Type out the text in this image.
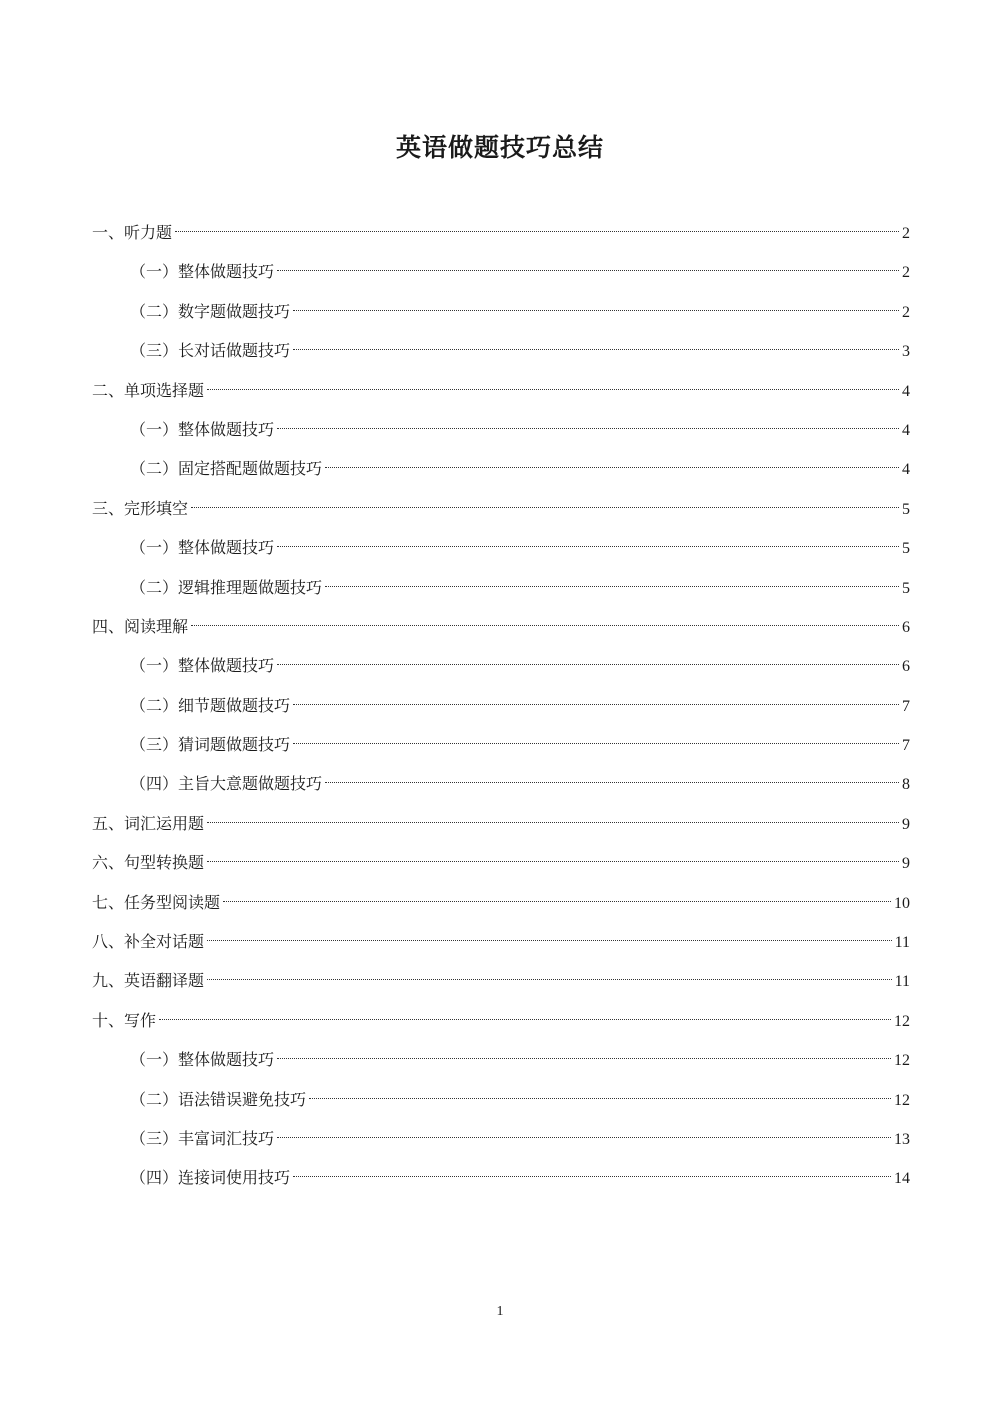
英语做题技巧总结
一、听力题	2
（一）整体做题技巧	2
（二）数字题做题技巧	2
（三）长对话做题技巧	3
二、单项选择题	4
（一）整体做题技巧	4
（二）固定搭配题做题技巧	4
三、完形填空	5
（一）整体做题技巧	5
（二）逻辑推理题做题技巧	5
四、阅读理解	6
（一）整体做题技巧	6
（二）细节题做题技巧	7
（三）猜词题做题技巧	7
（四）主旨大意题做题技巧	8
五、词汇运用题	9
六、句型转换题	9
七、任务型阅读题	10
八、补全对话题	11
九、英语翻译题	11
十、写作	12
（一）整体做题技巧	12
（二）语法错误避免技巧	12
（三）丰富词汇技巧	13
（四）连接词使用技巧	14
1
